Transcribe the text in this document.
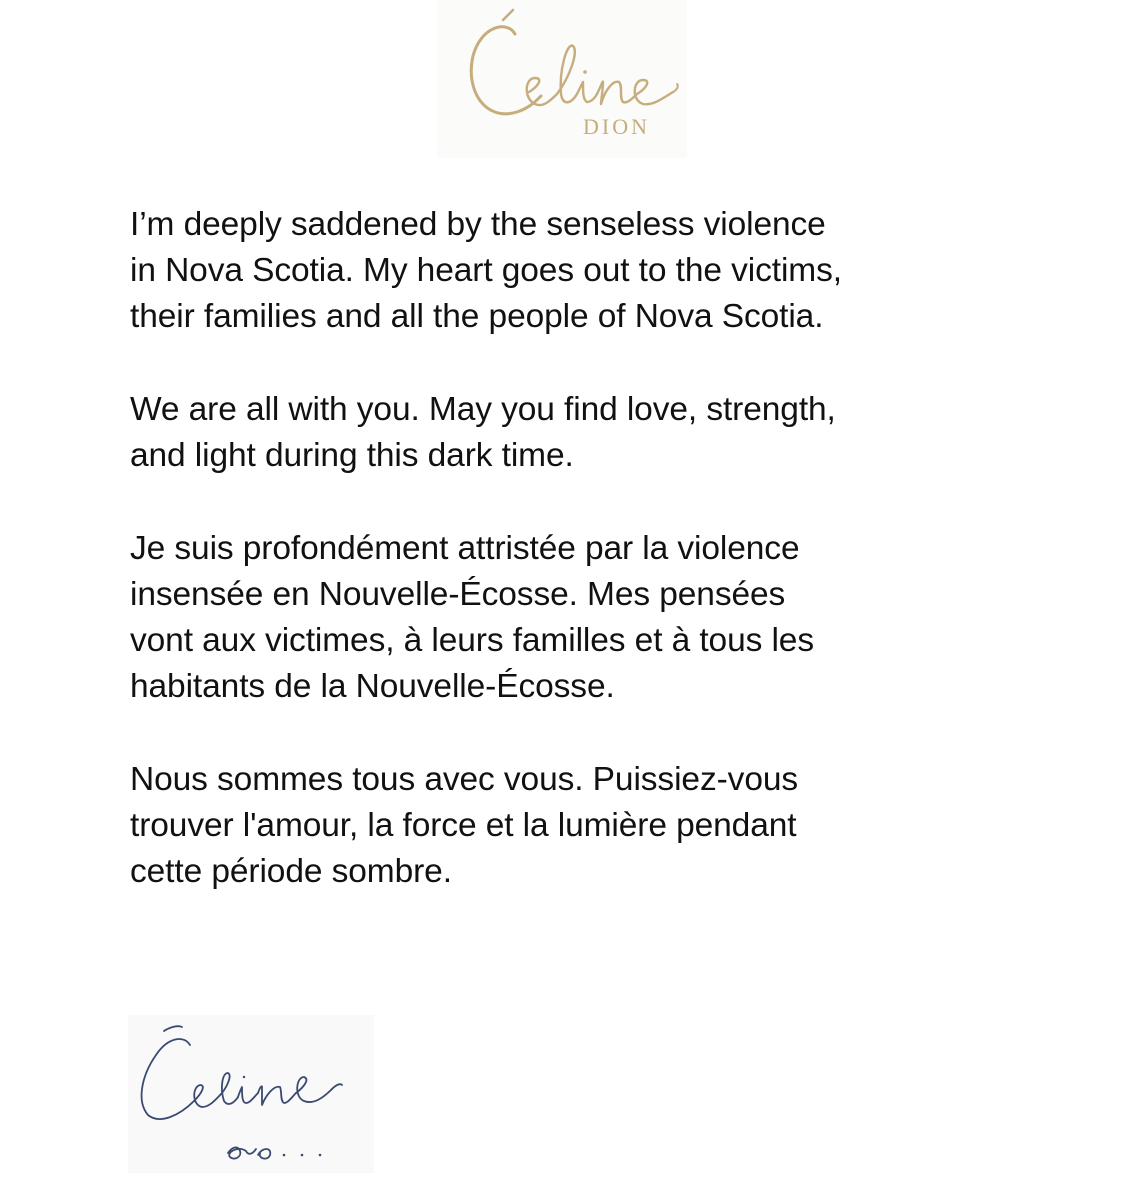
DION

I’m deeply saddened by the senseless violence
in Nova Scotia. My heart goes out to the victims,
their families and all the people of Nova Scotia.

We are all with you. May you find love, strength,
and light during this dark time.

Je suis profondément attristée par la violence
insensée en Nouvelle-Écosse. Mes pensées
vont aux victimes, à leurs familles et à tous les
habitants de la Nouvelle-Écosse.

Nous sommes tous avec vous. Puissiez-vous
trouver l'amour, la force et la lumière pendant
cette période sombre.
